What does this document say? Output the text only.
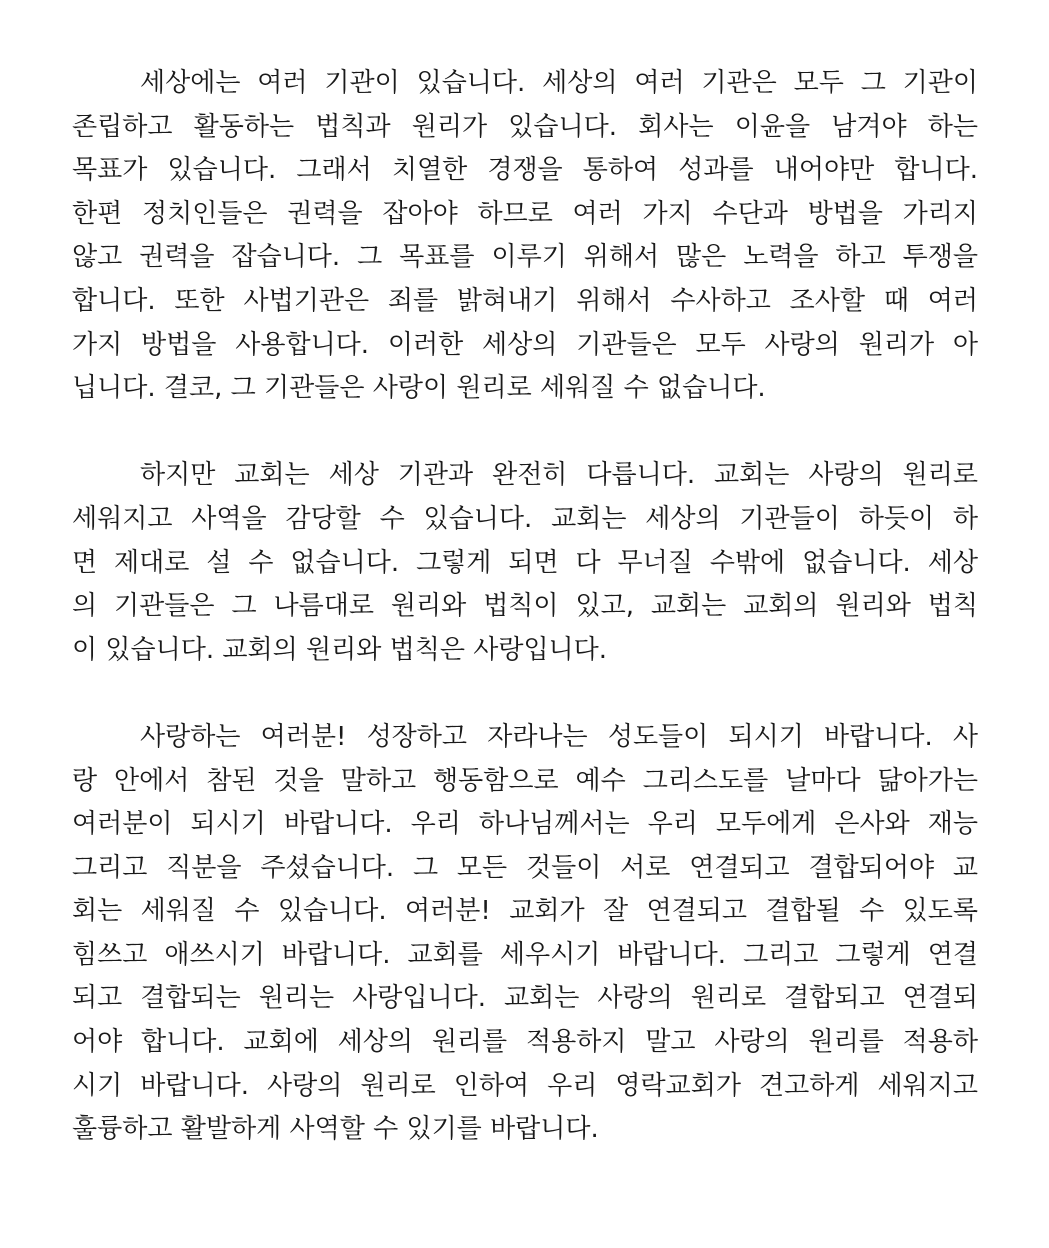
세상에는 여러 기관이 있습니다. 세상의 여러 기관은 모두 그 기관이
존립하고 활동하는 법칙과 원리가 있습니다. 회사는 이윤을 남겨야 하는
목표가 있습니다. 그래서 치열한 경쟁을 통하여 성과를 내어야만 합니다.
한편 정치인들은 권력을 잡아야 하므로 여러 가지 수단과 방법을 가리지
않고 권력을 잡습니다. 그 목표를 이루기 위해서 많은 노력을 하고 투쟁을
합니다. 또한 사법기관은 죄를 밝혀내기 위해서 수사하고 조사할 때 여러
가지 방법을 사용합니다. 이러한 세상의 기관들은 모두 사랑의 원리가 아
닙니다. 결코, 그 기관들은 사랑이 원리로 세워질 수 없습니다.
하지만 교회는 세상 기관과 완전히 다릅니다. 교회는 사랑의 원리로
세워지고 사역을 감당할 수 있습니다. 교회는 세상의 기관들이 하듯이 하
면 제대로 설 수 없습니다. 그렇게 되면 다 무너질 수밖에 없습니다. 세상
의 기관들은 그 나름대로 원리와 법칙이 있고, 교회는 교회의 원리와 법칙
이 있습니다. 교회의 원리와 법칙은 사랑입니다.
사랑하는 여러분! 성장하고 자라나는 성도들이 되시기 바랍니다. 사
랑 안에서 참된 것을 말하고 행동함으로 예수 그리스도를 날마다 닮아가는
여러분이 되시기 바랍니다. 우리 하나님께서는 우리 모두에게 은사와 재능
그리고 직분을 주셨습니다. 그 모든 것들이 서로 연결되고 결합되어야 교
회는 세워질 수 있습니다. 여러분! 교회가 잘 연결되고 결합될 수 있도록
힘쓰고 애쓰시기 바랍니다. 교회를 세우시기 바랍니다. 그리고 그렇게 연결
되고 결합되는 원리는 사랑입니다. 교회는 사랑의 원리로 결합되고 연결되
어야 합니다. 교회에 세상의 원리를 적용하지 말고 사랑의 원리를 적용하
시기 바랍니다. 사랑의 원리로 인하여 우리 영락교회가 견고하게 세워지고
훌륭하고 활발하게 사역할 수 있기를 바랍니다.
